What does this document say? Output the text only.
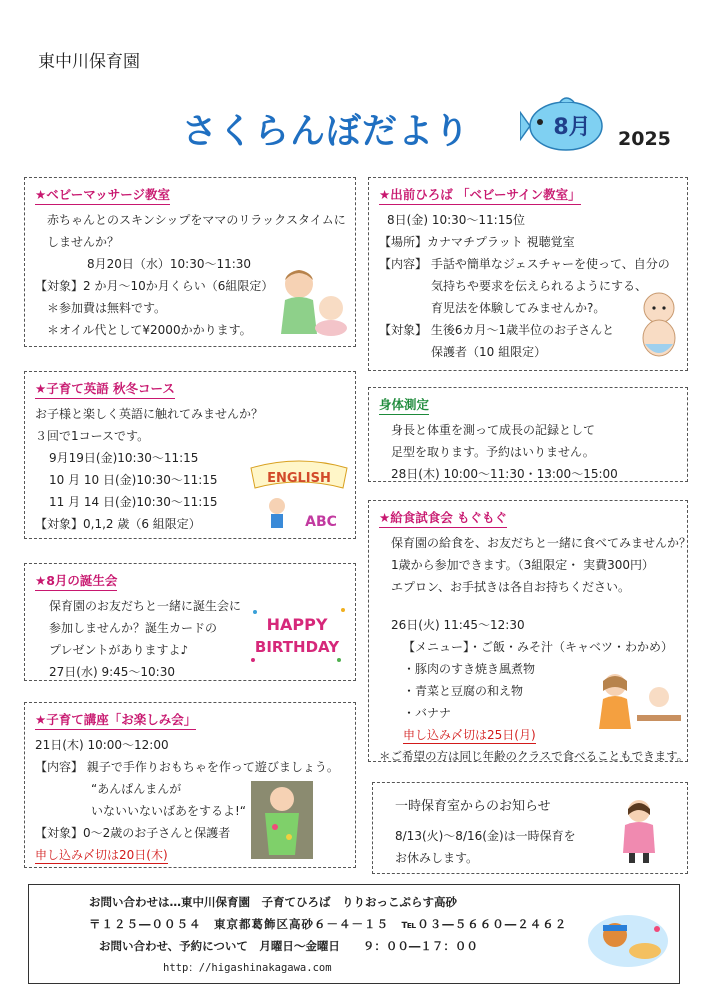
東中川保育園
さくらんぼだより	8月 2025
★ベビーマッサージ教室
赤ちゃんとのスキンシップをママのリラックスタイムに
しませんか？
8月20日（水）10:30～11:30
【対象】2 か月～10か月くらい（6組限定）
＊参加費は無料です。
＊オイル代として¥2000かかります。
★出前ひろば 「ベビーサイン教室」
8日(金) 10:30～11:15位
【場所】カナマチプラット 視聴覚室
【内容】 手話や簡単なジェスチャーを使って、自分の
気持ちや要求を伝えられるようにする、
育児法を体験してみませんか?。
【対象】 生後6カ月～1歳半位のお子さんと
保護者（10 組限定）
★子育て英語 秋冬コース
お子様と楽しく英語に触れてみませんか？
３回で1コースです。
9月19日(金)10:30～11:15
10 月 10 日(金)10:30～11:15
11 月 14 日(金)10:30～11:15
【対象】0,1,2 歳（6 組限定）
ENGLISH
ABC
身体測定
身長と体重を測って成長の記録として
足型を取ります。予約はいりません。
28日(木) 10:00～11:30・13:00～15:00
★8月の誕生会
保育園のお友だちと一緒に誕生会に
参加しませんか？誕生カードの
プレゼントがありますよ♪
27日(水) 9:45～10:30
HAPPY
BIRTHDAY
★給食試食会 もぐもぐ
保育園の給食を、お友だちと一緒に食べてみませんか？
1歳から参加できます。（3組限定・ 実費300円）
エプロン、お手拭きは各自お持ちください。
26日(火) 11:45～12:30
【メニュー】・ご飯・みそ汁（キャベツ・わかめ）
・豚肉のすき焼き風煮物
・青菜と豆腐の和え物
・バナナ
申し込み〆切は25日(月)
＊ご希望の方は同じ年齢のクラスで食べることもできます。
★子育て講座「お楽しみ会」
21日(木) 10:00～12:00
【内容】 親子で手作りおもちゃを作って遊びましょう。
“あんぱんまんが
いないいないばあをするよ!“
【対象】0～2歳のお子さんと保護者
申し込み〆切は20日(木)
一時保育室からのお知らせ
8/13(火)～8/16(金)は一時保育を
お休みします。
お問い合わせは…東中川保育園　子育てひろば　りりおっこぷらす高砂
〒１２５―００５４　東京都葛飾区高砂６－４－１５　℡０３―５６６０―２４６２
お問い合わせ、予約について　月曜日～金曜日　　９：００―１７：００
http：//higashinakagawa.com
